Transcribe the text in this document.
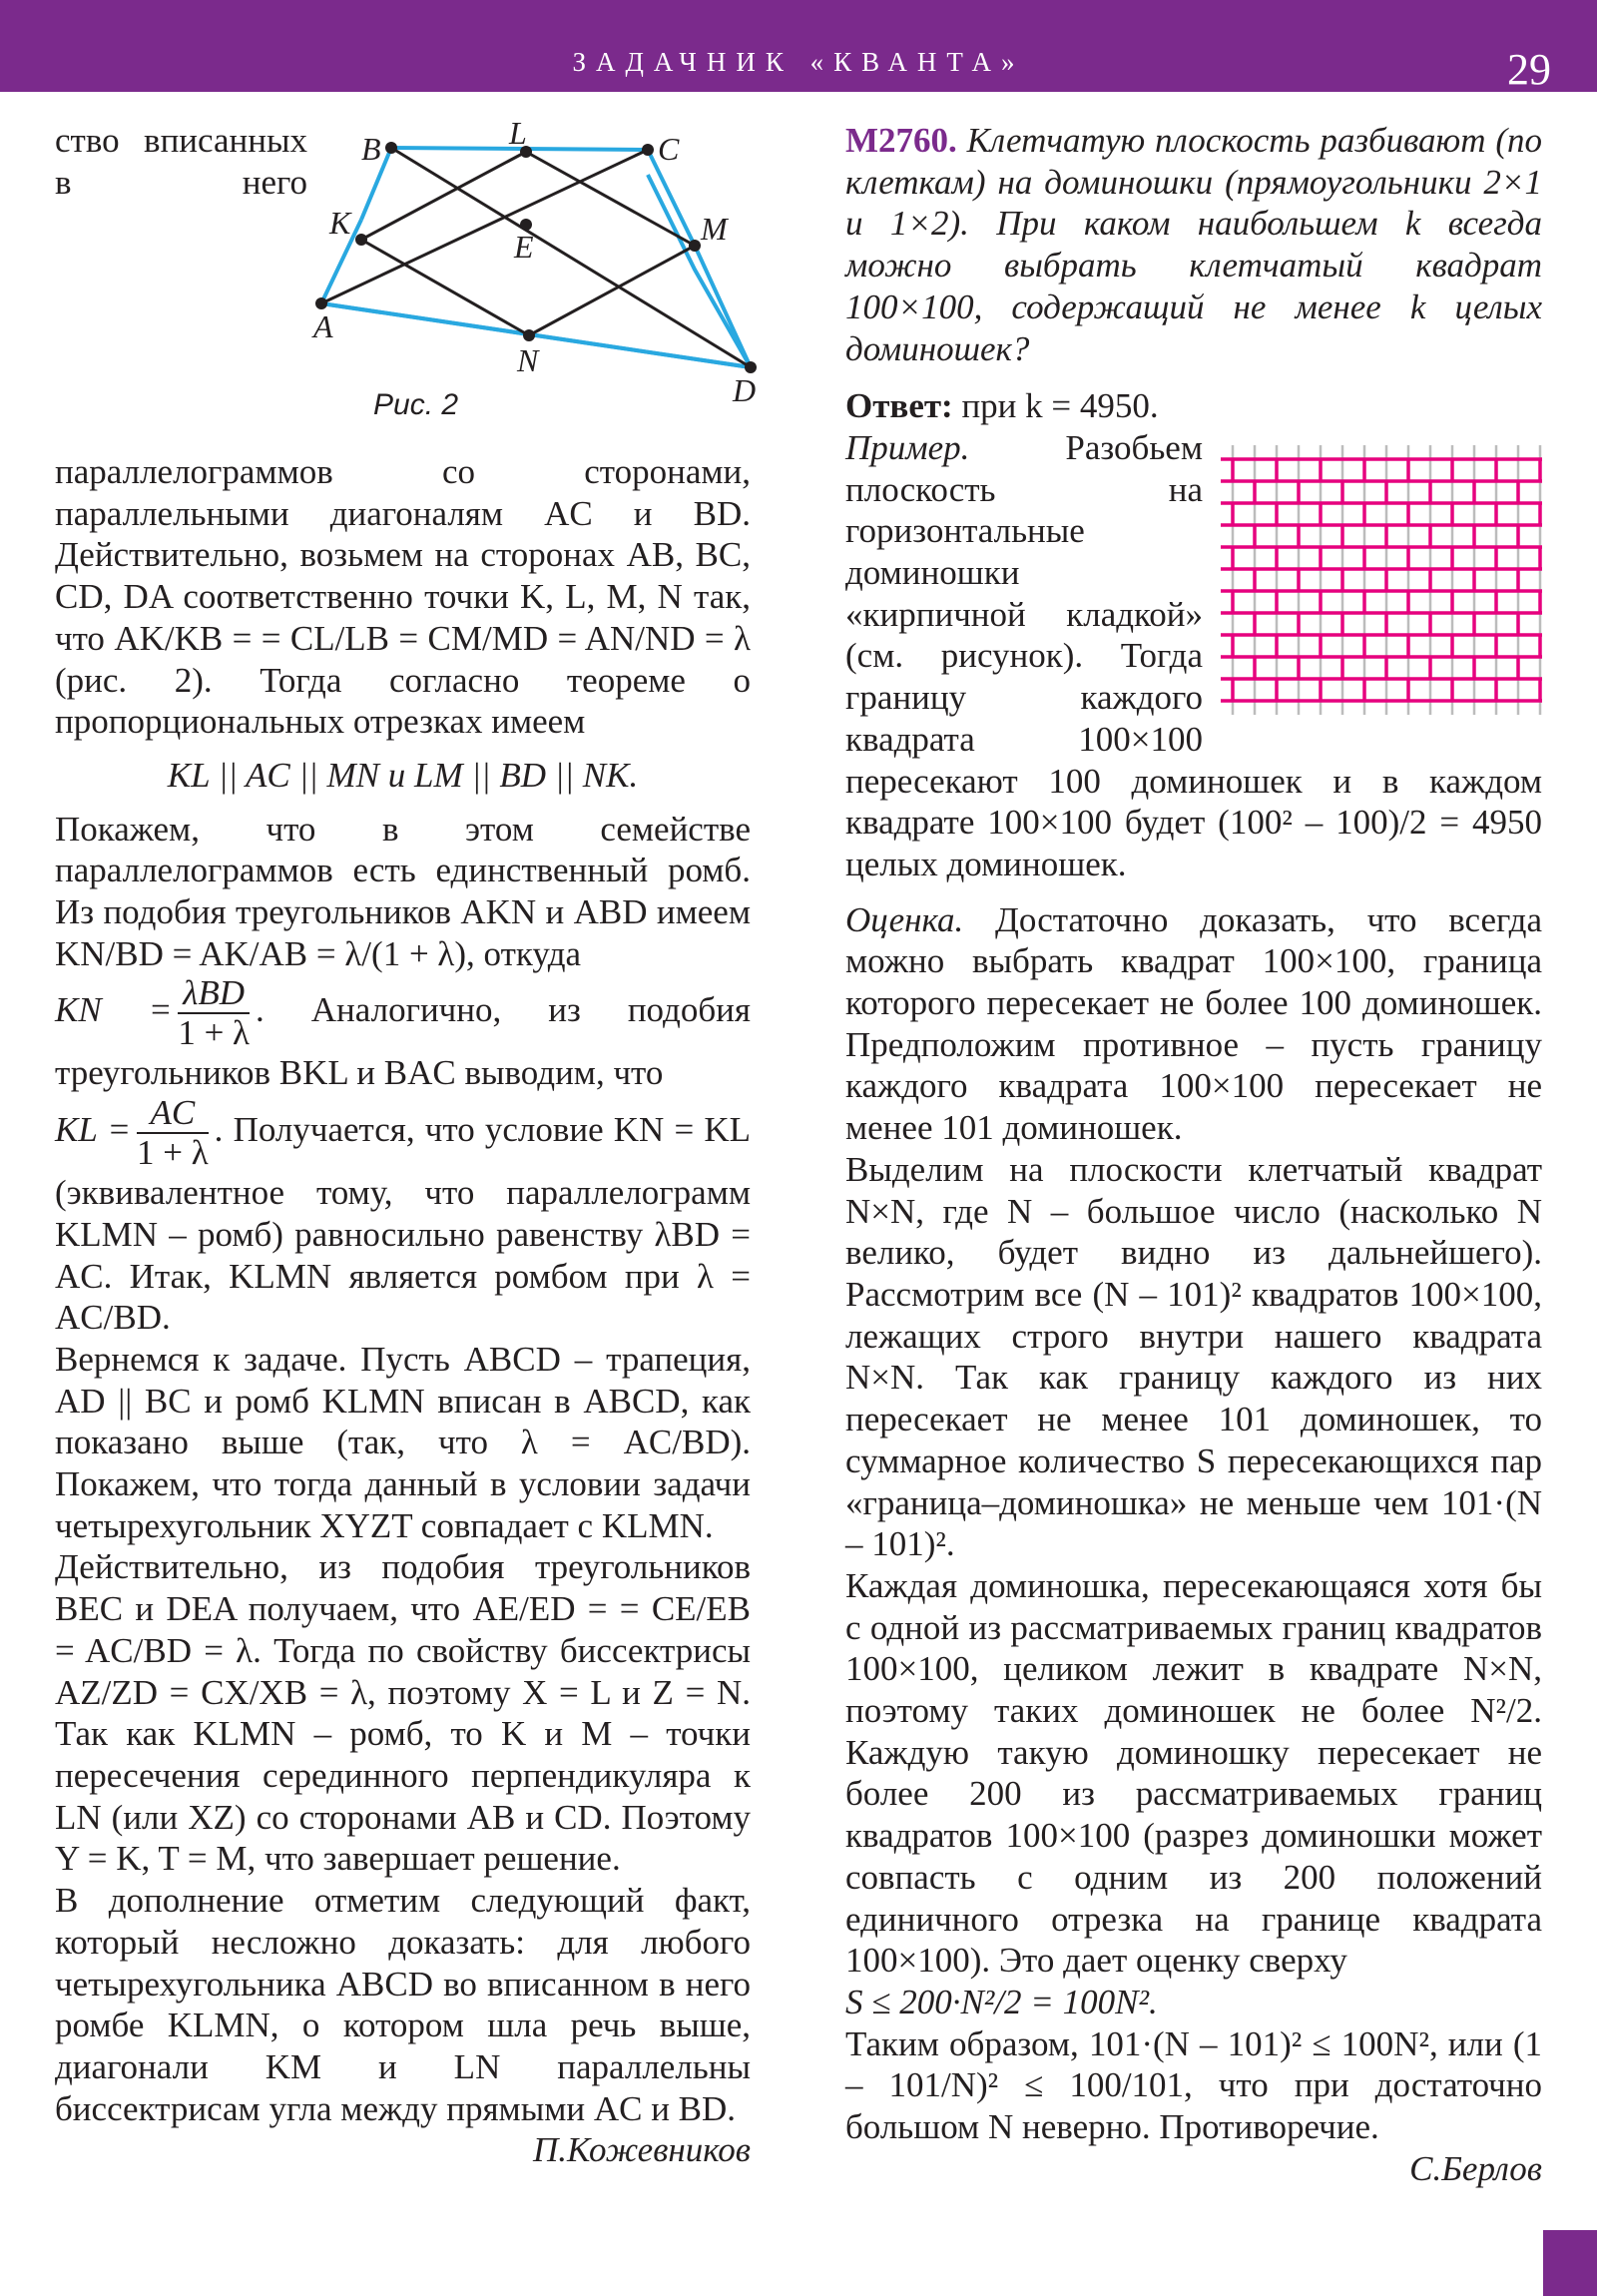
ЗАДАЧНИК «КВАНТА»	29
A
B	L	C
K
E	M
N
D
Рис. 2

ство вписанных в него параллелограммов со сторонами, параллельными диагоналям AC и BD. Действительно, возьмем на сторонах AB, BC, CD, DA соответственно точки K, L, M, N так, что AK/KB = = CL/LB = CM/MD = AN/ND = λ (рис. 2). Тогда согласно теореме о пропорциональных отрезках имеем

KL || AC || MN и LM || BD || NK.

Покажем, что в этом семействе параллелограммов есть единственный ромб. Из подобия треугольников AKN и ABD имеем KN/BD = AK/AB = λ/(1 + λ), откуда
KN = $\frac{\text{λBD}}{1 + \lambda}$ . Аналогично, из подобия треугольников BKL и BAC выводим, что
KL = $\frac{AC}{1 + \lambda}$ . Получается, что условие KN = KL (эквивалентное тому, что параллелограмм KLMN – ромб) равносильно равенству λBD = AC. Итак, KLMN является ромбом при λ = AC/BD.

Вернемся к задаче. Пусть ABCD – трапеция, AD || BC и ромб KLMN вписан в ABCD, как показано выше (так, что λ = AC/BD). Покажем, что тогда данный в условии задачи четырехугольник XYZT совпадает с KLMN.

Действительно, из подобия треугольников BEC и DEA получаем, что AE/ED = = CE/EB = AC/BD = λ. Тогда по свойству биссектрисы AZ/ZD = CX/XB = λ, поэтому X = L и Z = N. Так как KLMN – ромб, то K и M – точки пересечения серединного перпендикуляра к LN (или XZ) со сторонами AB и CD. Поэтому Y = K, T = M, что завершает решение.

В дополнение отметим следующий факт, который несложно доказать: для любого четырехугольника ABCD во вписанном в него ромбе KLMN, о котором шла речь выше, диагонали KM и LN параллельны биссектрисам угла между прямыми AC и BD.

П.Кожевников

М2760. Клетчатую плоскость разбивают (по клеткам) на доминошки (прямоугольники 2×1 и 1×2). При каком наибольшем k всегда можно выбрать клетчатый квадрат 100×100, содержащий не менее k целых доминошек?

Ответ: при k = 4950.

Пример.	Разобьем плоскость на горизонтальные доминошки «кирпичной кладкой» (см. рисунок). Тогда границу каждого квадрата 100×100 пересекают 100 доминошек и в каждом квадрате 100×100 будет (100² – 100)/2 = 4950 целых доминошек.

Оценка. Достаточно доказать, что всегда можно выбрать квадрат 100×100, граница которого пересекает не более 100 доминошек. Предположим противное – пусть границу каждого квадрата 100×100 пересекает не менее 101 доминошек.

Выделим на плоскости клетчатый квадрат N×N, где N – большое число (насколько N велико, будет видно из дальнейшего). Рассмотрим все (N – 101)² квадратов 100×100, лежащих строго внутри нашего квадрата N×N. Так как границу каждого из них пересекает не менее 101 доминошек, то суммарное количество S пересекающихся пар «граница–доминошка» не меньше чем 101·(N – 101)².

Каждая доминошка, пересекающаяся хотя бы с одной из рассматриваемых границ квадратов 100×100, целиком лежит в квадрате N×N, поэтому таких доминошек не более N²/2. Каждую такую доминошку пересекает не более 200 из рассматриваемых границ квадратов 100×100 (разрез доминошки может совпасть с одним из 200 положений единичного отрезка на границе квадрата 100×100). Это дает оценку сверху

S ≤ 200·N²/2 = 100N².

Таким образом, 101·(N – 101)² ≤ 100N², или (1 – 101/N)² ≤ 100/101, что при достаточно большом N неверно. Противоречие.

С.Берлов
